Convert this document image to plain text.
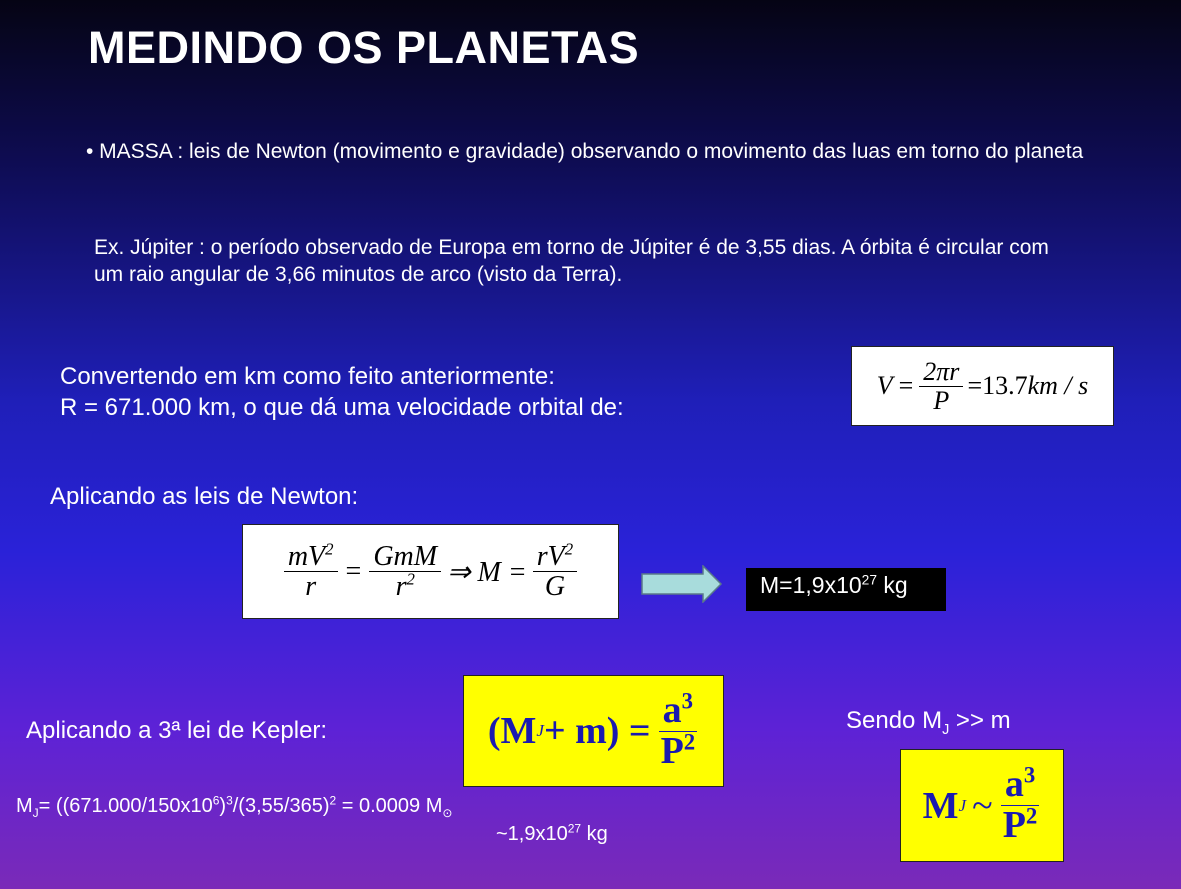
MEDINDO OS PLANETAS
• MASSA : leis de Newton (movimento e gravidade) observando o movimento das luas em torno do planeta
Ex. Júpiter : o período observado de Europa em torno de Júpiter é de 3,55 dias. A órbita é circular com um raio angular de 3,66 minutos de arco (visto da Terra).
Convertendo em km como feito anteriormente:
R = 671.000 km, o que dá uma velocidade orbital de:
$V = \frac{2\pi r}{P} =13.7$ km / s
Aplicando as leis de Newton:
$\frac{mV^2}{r} = \frac{\text{GmM}}{r^2}$ ⇒ $M = \frac{rV^2}{G}$	$M=1,9x10^{27}$ kg
Aplicando a 3ª lei de Kepler:	(M $J + m) = \frac{a^3}{P^2}$	Sendo $M_J >> m$
M J ~ $\frac{a^3}{P^2}$
$M_J= ((671.000/150x10^6)^3/(3,55/365)^2 = 0.0009$ $M_⊙$
$\sim 1,9x10^{27}$ kg
